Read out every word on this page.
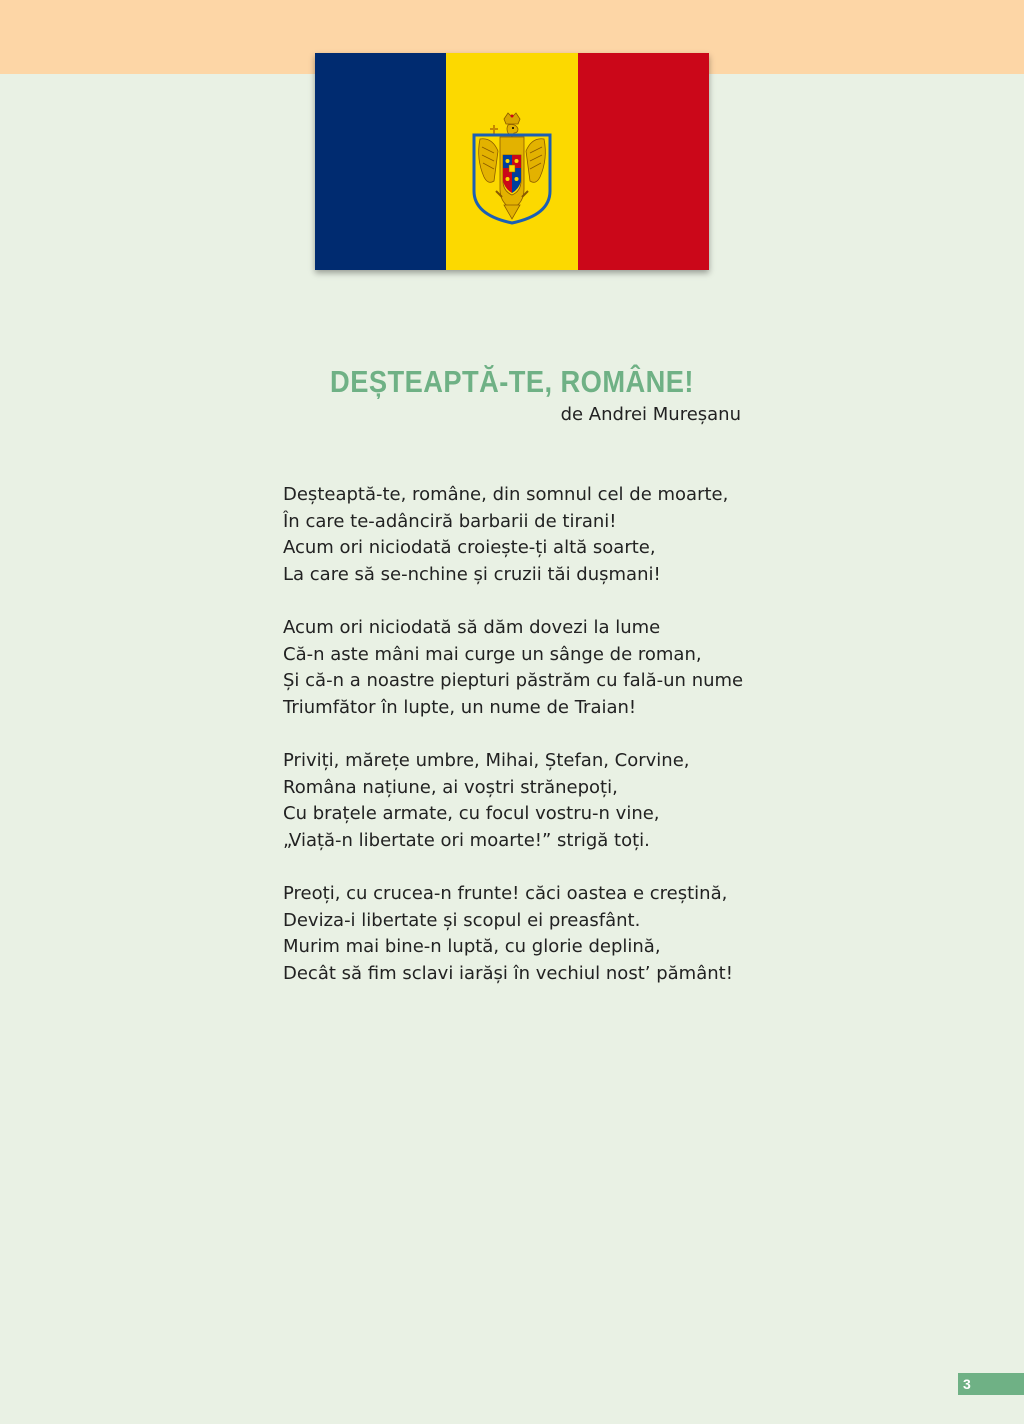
DEȘTEAPTĂ-TE, ROMÂNE!
de Andrei Mureșanu
Deșteaptă-te, române, din somnul cel de moarte,
În care te-adânciră barbarii de tirani!
Acum ori niciodată croiește-ți altă soarte,
La care să se-nchine și cruzii tăi dușmani!
Acum ori niciodată să dăm dovezi la lume
Că-n aste mâni mai curge un sânge de roman,
Și că-n a noastre piepturi păstrăm cu fală-un nume
Triumfător în lupte, un nume de Traian!
Priviți, mărețe umbre, Mihai, Ștefan, Corvine,
Româna națiune, ai voștri strănepoți,
Cu brațele armate, cu focul vostru-n vine,
„Viață-n libertate ori moarte!” strigă toți.
Preoți, cu crucea-n frunte! căci oastea e creștină,
Deviza-i libertate și scopul ei preasfânt.
Murim mai bine-n luptă, cu glorie deplină,
Decât să fim sclavi iarăși în vechiul nost’ pământ!
3
